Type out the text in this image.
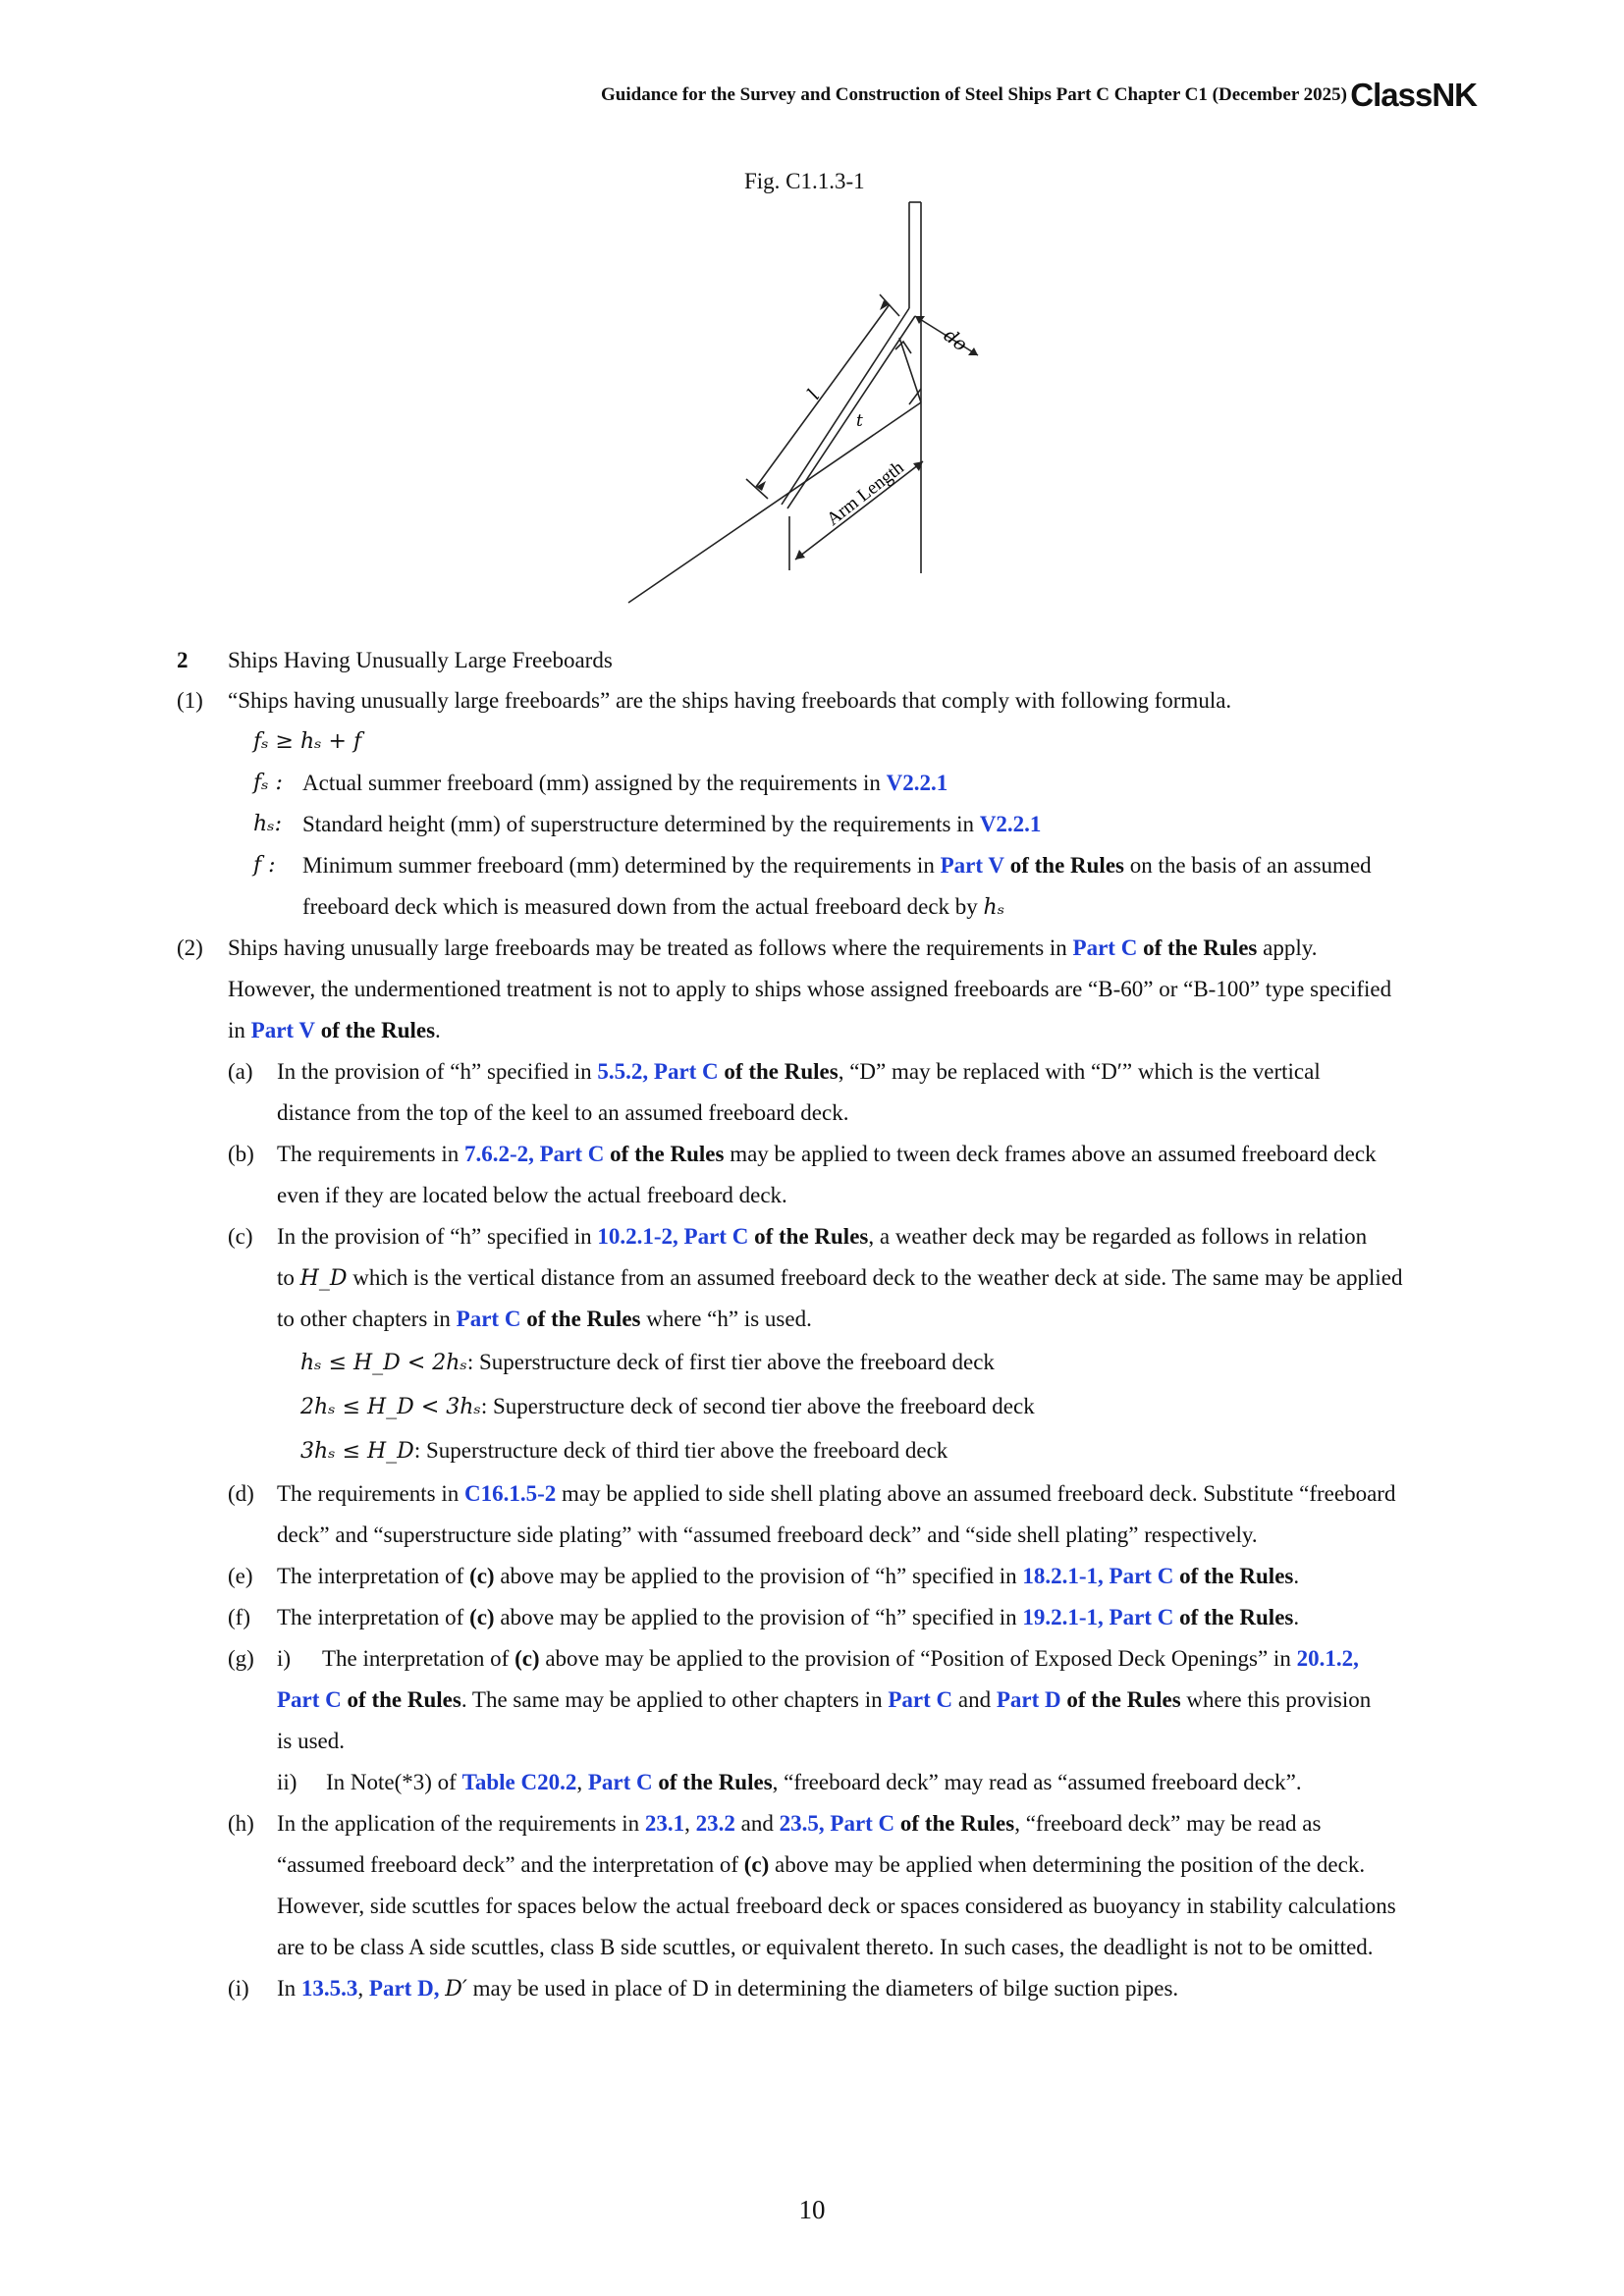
Guidance for the Survey and Construction of Steel Ships Part C Chapter C1 (December 2025) ClassNK
Fig. C1.1.3-1
l
do
t
Arm Length
2 Ships Having Unusually Large Freeboards
(1) “Ships having unusually large freeboards” are the ships having freeboards that comply with following formula.
fₛ ≥ hₛ + f
fₛ : Actual summer freeboard (mm) assigned by the requirements in V2.2.1
hₛ: Standard height (mm) of superstructure determined by the requirements in V2.2.1
f : Minimum summer freeboard (mm) determined by the requirements in Part V of the Rules on the basis of an assumed
freeboard deck which is measured down from the actual freeboard deck by hₛ
(2) Ships having unusually large freeboards may be treated as follows where the requirements in Part C of the Rules apply.
However, the undermentioned treatment is not to apply to ships whose assigned freeboards are “B-60” or “B-100” type specified
in Part V of the Rules.
(a) In the provision of “h” specified in 5.5.2, Part C of the Rules, “D” may be replaced with “D′” which is the vertical
distance from the top of the keel to an assumed freeboard deck.
(b) The requirements in 7.6.2-2, Part C of the Rules may be applied to tween deck frames above an assumed freeboard deck
even if they are located below the actual freeboard deck.
(c) In the provision of “h” specified in 10.2.1-2, Part C of the Rules, a weather deck may be regarded as follows in relation
to H_D which is the vertical distance from an assumed freeboard deck to the weather deck at side. The same may be applied
to other chapters in Part C of the Rules where “h” is used.
hₛ ≤ H_D < 2hₛ: Superstructure deck of first tier above the freeboard deck
2hₛ ≤ H_D < 3hₛ: Superstructure deck of second tier above the freeboard deck
3hₛ ≤ H_D: Superstructure deck of third tier above the freeboard deck
(d) The requirements in C16.1.5-2 may be applied to side shell plating above an assumed freeboard deck. Substitute “freeboard
deck” and “superstructure side plating” with “assumed freeboard deck” and “side shell plating” respectively.
(e) The interpretation of (c) above may be applied to the provision of “h” specified in 18.2.1-1, Part C of the Rules.
(f) The interpretation of (c) above may be applied to the provision of “h” specified in 19.2.1-1, Part C of the Rules.
(g) i) The interpretation of (c) above may be applied to the provision of “Position of Exposed Deck Openings” in 20.1.2,
Part C of the Rules. The same may be applied to other chapters in Part C and Part D of the Rules where this provision
is used.
ii) In Note(*3) of Table C20.2, Part C of the Rules, “freeboard deck” may read as “assumed freeboard deck”.
(h) In the application of the requirements in 23.1, 23.2 and 23.5, Part C of the Rules, “freeboard deck” may be read as
“assumed freeboard deck” and the interpretation of (c) above may be applied when determining the position of the deck.
However, side scuttles for spaces below the actual freeboard deck or spaces considered as buoyancy in stability calculations
are to be class A side scuttles, class B side scuttles, or equivalent thereto. In such cases, the deadlight is not to be omitted.
(i) In 13.5.3, Part D, D′ may be used in place of D in determining the diameters of bilge suction pipes.
10
